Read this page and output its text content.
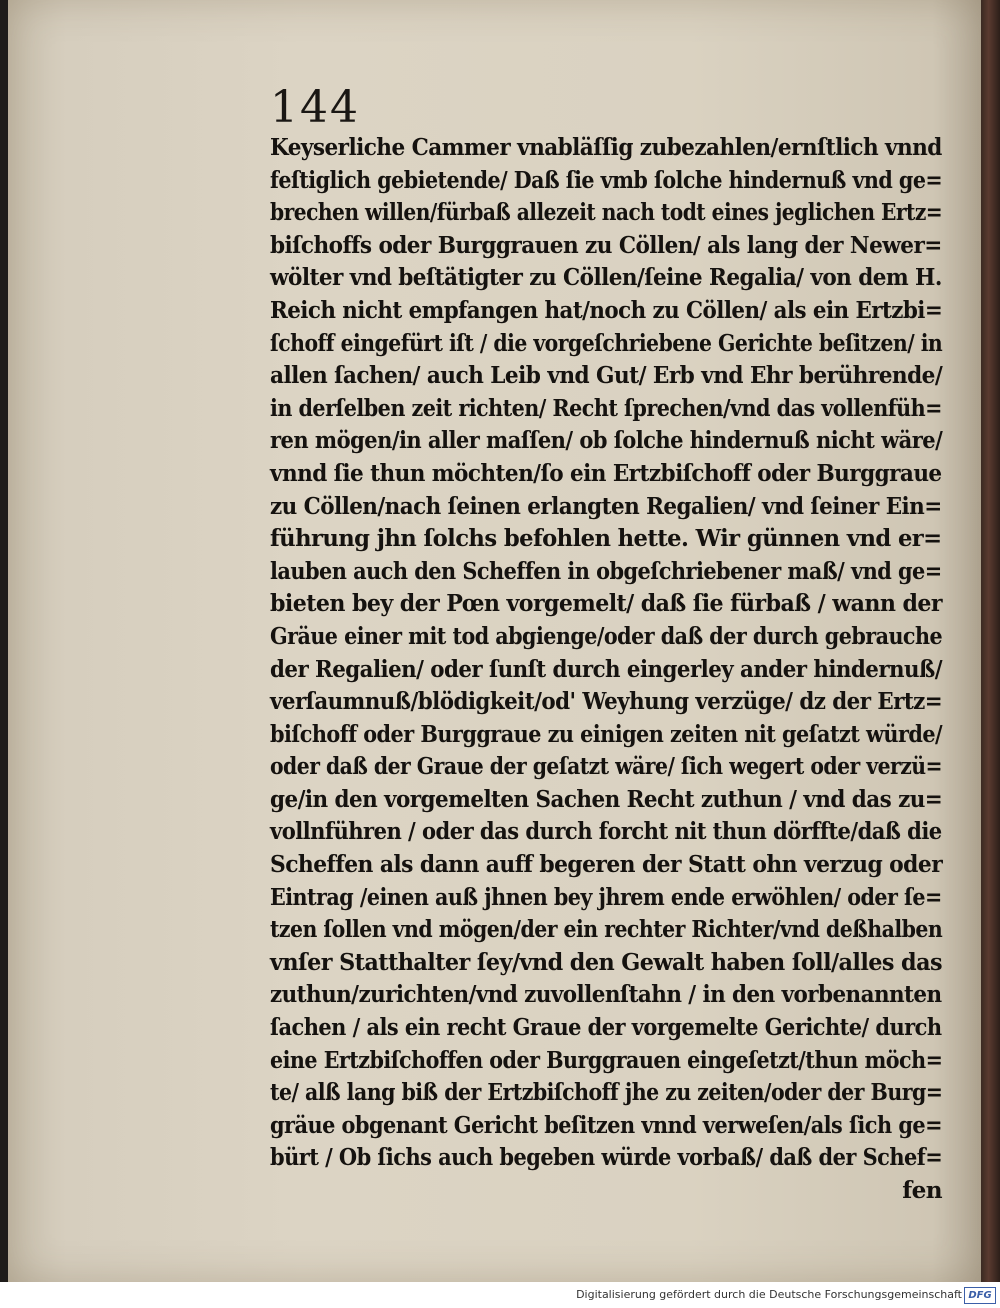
144
Keyserliche Cammer vnabläſſig zubezahlen/ernſtlich vnnd
feſtiglich gebietende/ Daß ſie vmb ſolche hindernuß vnd ge=
brechen willen/fürbaß allezeit nach todt eines jeglichen Ertz=
biſchoffs oder Burggrauen zu Cöllen/ als lang der Newer=
wölter vnd beſtätigter zu Cöllen/ſeine Regalia/ von dem H.
Reich nicht empfangen hat/noch zu Cöllen/ als ein Ertzbi=
ſchoff eingefürt iſt / die vorgeſchriebene Gerichte beſitzen/ in
allen ſachen/ auch Leib vnd Gut/ Erb vnd Ehr berührende/
in derſelben zeit richten/ Recht ſprechen/vnd das vollenfüh=
ren mögen/in aller maſſen/ ob ſolche hindernuß nicht wäre/
vnnd ſie thun möchten/ſo ein Ertzbiſchoff oder Burggraue
zu Cöllen/nach ſeinen erlangten Regalien/ vnd ſeiner Ein=
führung jhn ſolchs befohlen hette. Wir günnen vnd er=
lauben auch den Scheffen in obgeſchriebener maß/ vnd ge=
bieten bey der Pœn vorgemelt/ daß ſie fürbaß / wann der
Gräue einer mit tod abgienge/oder daß der durch gebrauche
der Regalien/ oder ſunſt durch eingerley ander hindernuß/
verſaumnuß/blödigkeit/od' Weyhung verzüge/ dz der Ertz=
biſchoff oder Burggraue zu einigen zeiten nit geſatzt würde/
oder daß der Graue der geſatzt wäre/ ſich wegert oder verzü=
ge/in den vorgemelten Sachen Recht zuthun / vnd das zu=
vollnführen / oder das durch forcht nit thun dörffte/daß die
Scheffen als dann auff begeren der Statt ohn verzug oder
Eintrag /einen auß jhnen bey jhrem ende erwöhlen/ oder ſe=
tzen ſollen vnd mögen/der ein rechter Richter/vnd deßhalben
vnſer Statthalter ſey/vnd den Gewalt haben ſoll/alles das
zuthun/zurichten/vnd zuvollenſtahn / in den vorbenannten
ſachen / als ein recht Graue der vorgemelte Gerichte/ durch
eine Ertzbiſchoffen oder Burggrauen eingeſetzt/thun möch=
te/ alß lang biß der Ertzbiſchoff jhe zu zeiten/oder der Burg=
gräue obgenant Gericht beſitzen vnnd verweſen/als ſich ge=
bürt / Ob ſichs auch begeben würde vorbaß/ daß der Schef=
fen
Digitalisierung gefördert durch die Deutsche Forschungsgemeinschaft DFG
